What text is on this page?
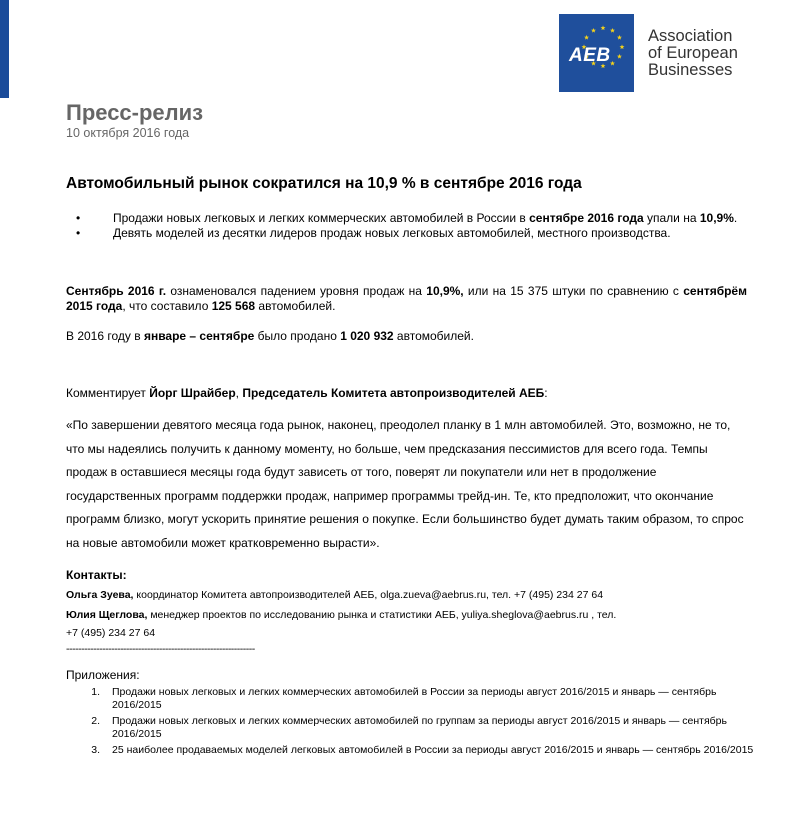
AEB
Association
of European
Businesses
Пресс-релиз
10 октября 2016 года
Автомобильный рынок сократился на 10,9 % в сентябре 2016 года
•	Продажи новых легковых и легких коммерческих автомобилей в России в сентябре 2016 года упали на 10,9%.
•	Девять моделей из десятки лидеров продаж новых легковых автомобилей, местного производства.
Сентябрь 2016 г. ознаменовался падением уровня продаж на 10,9%, или на 15 375 штуки по сравнению с сентябрём 2015 года, что составило 125 568 автомобилей.
В 2016 году в январе – сентябре было продано 1 020 932 автомобилей.
Комментирует Йорг Шрайбер, Председатель Комитета автопроизводителей АЕБ:
«По завершении девятого месяца года рынок, наконец, преодолел планку в 1 млн автомобилей. Это, возможно, не то, что мы надеялись получить к данному моменту, но больше, чем предсказания пессимистов для всего года. Темпы продаж в оставшиеся месяцы года будут зависеть от того, поверят ли покупатели или нет в продолжение государственных программ поддержки продаж, например программы трейд-ин. Те, кто предположит, что окончание программ близко, могут ускорить принятие решения о покупке. Если большинство будет думать таким образом, то спрос на новые автомобили может кратковременно вырасти».
Контакты:
Ольга Зуева, координатор Комитета автопроизводителей АЕБ, olga.zueva@aebrus.ru, тел. +7 (495) 234 27 64
Юлия Щеглова, менеджер проектов по исследованию рынка и статистики АЕБ, yuliya.sheglova@aebrus.ru , тел.
+7 (495) 234 27 64
---------------------------------------------------------------
Приложения:
1.	Продажи новых легковых и легких коммерческих автомобилей в России за периоды август 2016/2015 и январь — сентябрь 2016/2015
2.	Продажи новых легковых и легких коммерческих автомобилей по группам за периоды август 2016/2015 и январь — сентябрь 2016/2015
3.	25 наиболее продаваемых моделей легковых автомобилей в России за периоды август 2016/2015 и январь — сентябрь 2016/2015
